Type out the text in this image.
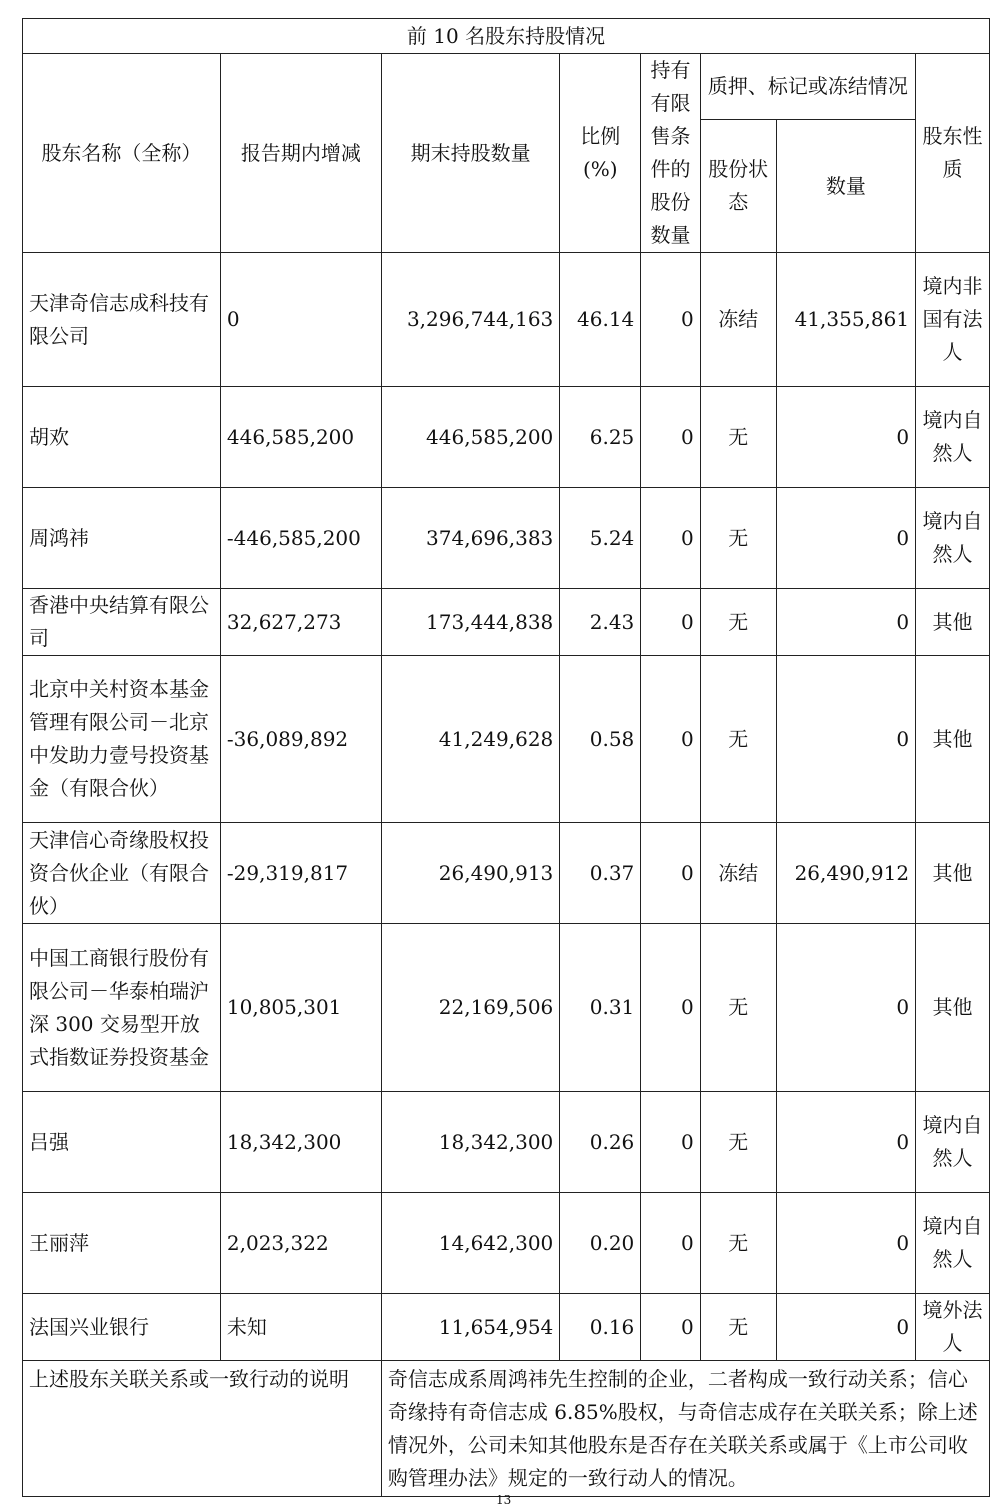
前 10 名股东持股情况							
股东名称（全称）	报告期内增减	期末持股数量	比例(%)	持有有限售条件的股份数量	质押、标记或冻结情况		股东性质
					股份状态	数量	
天津奇信志成科技有限公司	0	3,296,744,163	46.14	0	冻结	41,355,861	境内非国有法人
胡欢	446,585,200	446,585,200	6.25	0	无	0	境内自然人
周鸿祎	-446,585,200	374,696,383	5.24	0	无	0	境内自然人
香港中央结算有限公司	32,627,273	173,444,838	2.43	0	无	0	其他
北京中关村资本基金管理有限公司－北京中发助力壹号投资基金（有限合伙）	-36,089,892	41,249,628	0.58	0	无	0	其他
天津信心奇缘股权投资合伙企业（有限合伙）	-29,319,817	26,490,913	0.37	0	冻结	26,490,912	其他
中国工商银行股份有限公司－华泰柏瑞沪深 300 交易型开放式指数证券投资基金	10,805,301	22,169,506	0.31	0	无	0	其他
吕强	18,342,300	18,342,300	0.26	0	无	0	境内自然人
王丽萍	2,023,322	14,642,300	0.20	0	无	0	境内自然人
法国兴业银行	未知	11,654,954	0.16	0	无	0	境外法人
上述股东关联关系或一致行动的说明		奇信志成系周鸿祎先生控制的企业，二者构成一致行动关系；信心奇缘持有奇信志成 6.85%股权，与奇信志成存在关联关系；除上述情况外，公司未知其他股东是否存在关联关系或属于《上市公司收购管理办法》规定的一致行动人的情况。					
13
